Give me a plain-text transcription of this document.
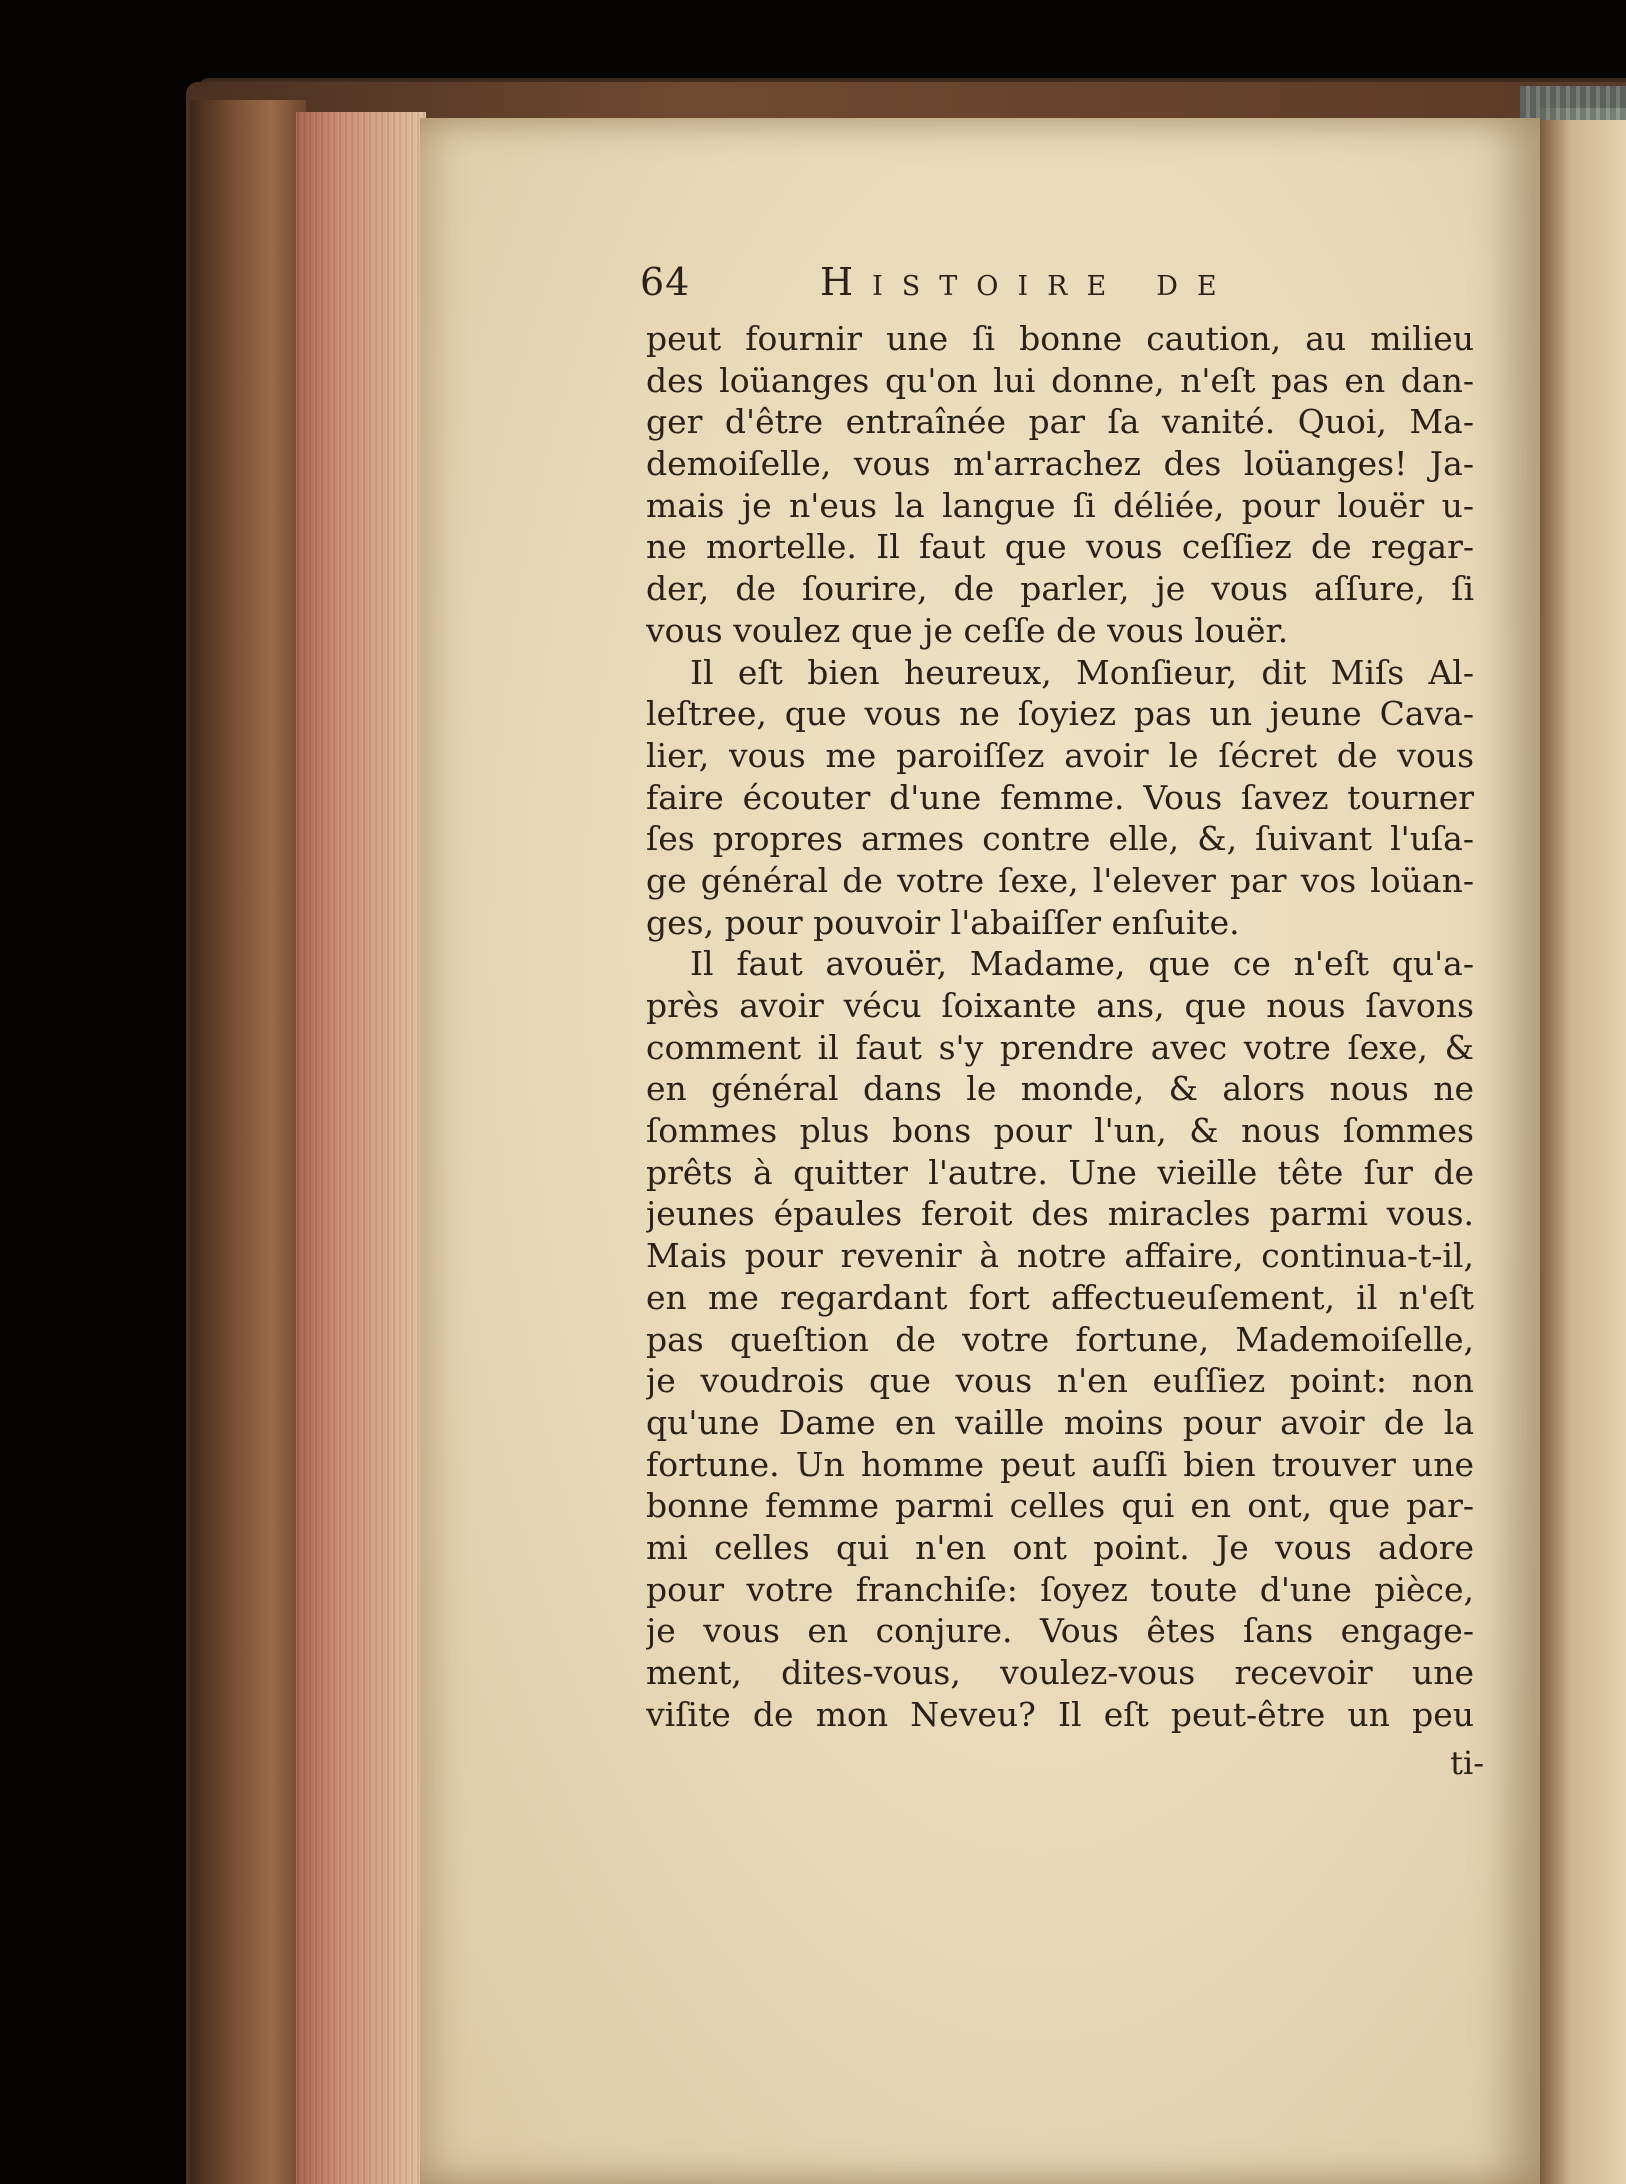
64	Histoire de
peut fournir une ſi bonne caution, au milieu
des loüanges qu'on lui donne, n'eſt pas en dan-
ger d'être entraînée par ſa vanité. Quoi, Ma-
demoiſelle, vous m'arrachez des loüanges! Ja-
mais je n'eus la langue ſi déliée, pour louër u-
ne mortelle. Il faut que vous ceſſiez de regar-
der, de ſourire, de parler, je vous aſſure, ſi
vous voulez que je ceſſe de vous louër.
Il eſt bien heureux, Monſieur, dit Miſs Al-
leſtree, que vous ne ſoyiez pas un jeune Cava-
lier, vous me paroiſſez avoir le ſécret de vous
faire écouter d'une femme. Vous ſavez tourner
ſes propres armes contre elle, &, ſuivant l'uſa-
ge général de votre ſexe, l'elever par vos loüan-
ges, pour pouvoir l'abaiſſer enſuite.
Il faut avouër, Madame, que ce n'eſt qu'a-
près avoir vécu ſoixante ans, que nous ſavons
comment il faut s'y prendre avec votre ſexe, &
en général dans le monde, & alors nous ne
ſommes plus bons pour l'un, & nous ſommes
prêts à quitter l'autre. Une vieille tête ſur de
jeunes épaules feroit des miracles parmi vous.
Mais pour revenir à notre affaire, continua-t-il,
en me regardant fort affectueuſement, il n'eſt
pas queſtion de votre fortune, Mademoiſelle,
je voudrois que vous n'en euſſiez point: non
qu'une Dame en vaille moins pour avoir de la
fortune. Un homme peut auſſi bien trouver une
bonne femme parmi celles qui en ont, que par-
mi celles qui n'en ont point. Je vous adore
pour votre franchiſe: ſoyez toute d'une pièce,
je vous en conjure. Vous êtes ſans engage-
ment, dites-vous, voulez-vous recevoir une
viſite de mon Neveu? Il eſt peut-être un peu
ti-
